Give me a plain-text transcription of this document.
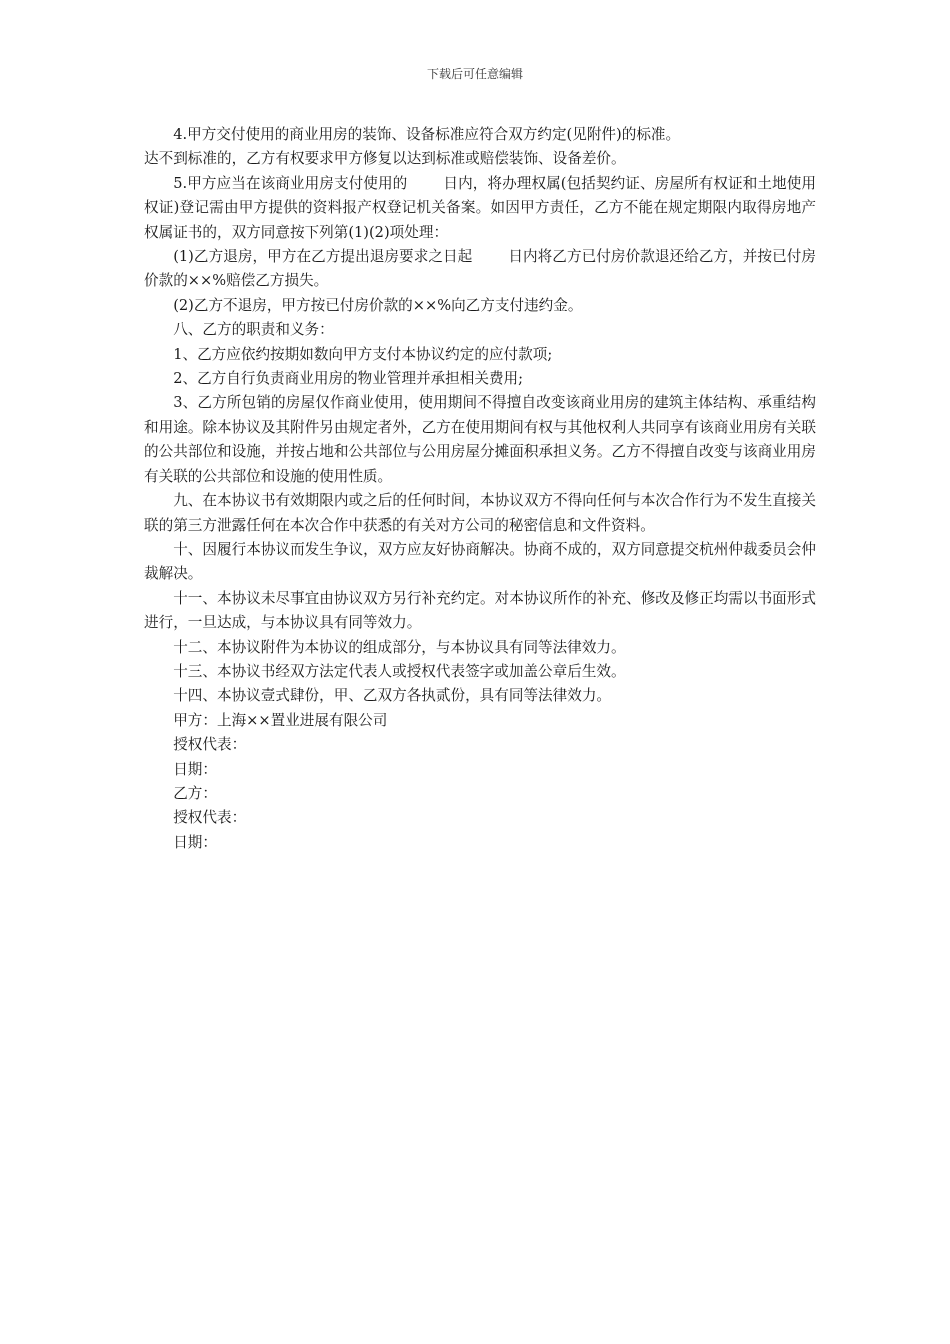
下载后可任意编辑

4.甲方交付使用的商业用房的装饰、设备标准应符合双方约定(见附件)的标准。

达不到标准的，乙方有权要求甲方修复以达到标准或赔偿装饰、设备差价。

5.甲方应当在该商业用房支付使用的 日内，将办理权属(包括契约证、房屋所有权证和土地使用权证)登记需由甲方提供的资料报产权登记机关备案。如因甲方责任，乙方不能在规定期限内取得房地产权属证书的，双方同意按下列第(1)(2)项处理：

(1)乙方退房，甲方在乙方提出退房要求之日起 日内将乙方已付房价款退还给乙方，并按已付房价款的××%赔偿乙方损失。

(2)乙方不退房，甲方按已付房价款的××%向乙方支付违约金。

八、乙方的职责和义务：

1、乙方应依约按期如数向甲方支付本协议约定的应付款项;

2、乙方自行负责商业用房的物业管理并承担相关费用;

3、乙方所包销的房屋仅作商业使用，使用期间不得擅自改变该商业用房的建筑主体结构、承重结构和用途。除本协议及其附件另由规定者外，乙方在使用期间有权与其他权利人共同享有该商业用房有关联的公共部位和设施，并按占地和公共部位与公用房屋分摊面积承担义务。乙方不得擅自改变与该商业用房有关联的公共部位和设施的使用性质。

九、在本协议书有效期限内或之后的任何时间，本协议双方不得向任何与本次合作行为不发生直接关联的第三方泄露任何在本次合作中获悉的有关对方公司的秘密信息和文件资料。

十、因履行本协议而发生争议，双方应友好协商解决。协商不成的，双方同意提交杭州仲裁委员会仲裁解决。

十一、本协议未尽事宜由协议双方另行补充约定。对本协议所作的补充、修改及修正均需以书面形式进行，一旦达成，与本协议具有同等效力。

十二、本协议附件为本协议的组成部分，与本协议具有同等法律效力。

十三、本协议书经双方法定代表人或授权代表签字或加盖公章后生效。

十四、本协议壹式肆份，甲、乙双方各执贰份，具有同等法律效力。

甲方：上海××置业进展有限公司

授权代表：

日期：

乙方：

授权代表：

日期：
